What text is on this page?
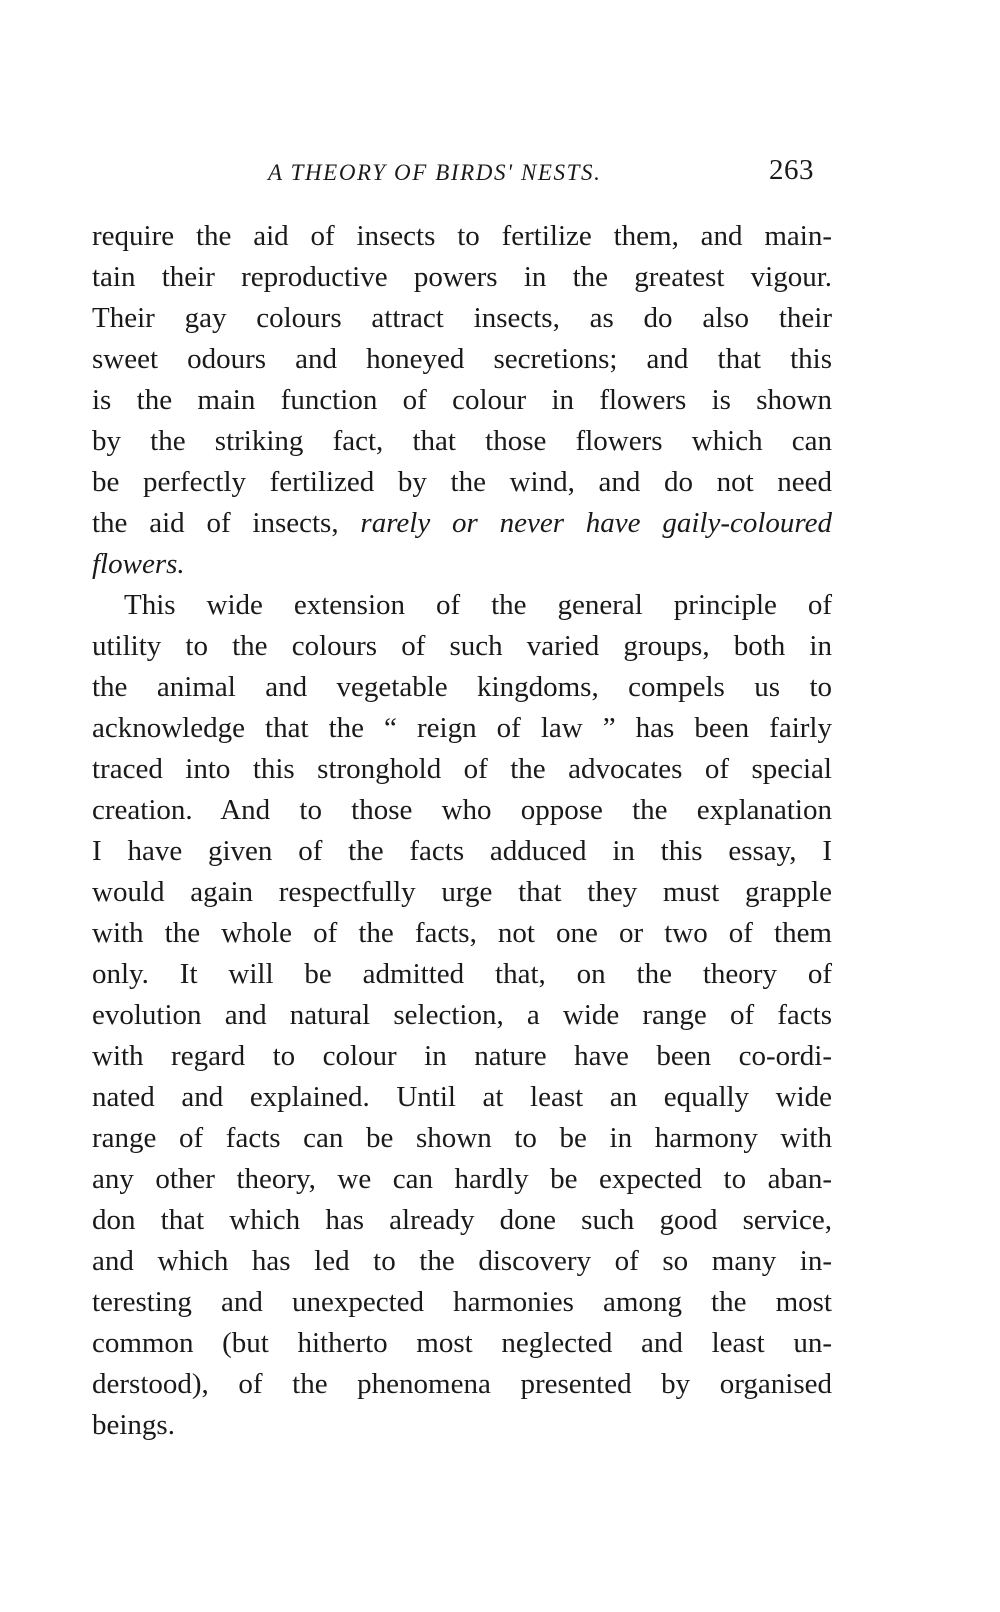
A THEORY OF BIRDS' NESTS.	263
require the aid of insects to fertilize them, and main-
tain their reproductive powers in the greatest vigour.
Their gay colours attract insects, as do also their
sweet odours and honeyed secretions; and that this
is the main function of colour in flowers is shown
by the striking fact, that those flowers which can
be perfectly fertilized by the wind, and do not need
the aid of insects, rarely or never have gaily-coloured
flowers.
This wide extension of the general principle of
utility to the colours of such varied groups, both in
the animal and vegetable kingdoms, compels us to
acknowledge that the “ reign of law ” has been fairly
traced into this stronghold of the advocates of special
creation. And to those who oppose the explanation
I have given of the facts adduced in this essay, I
would again respectfully urge that they must grapple
with the whole of the facts, not one or two of them
only. It will be admitted that, on the theory of
evolution and natural selection, a wide range of facts
with regard to colour in nature have been co-ordi-
nated and explained. Until at least an equally wide
range of facts can be shown to be in harmony with
any other theory, we can hardly be expected to aban-
don that which has already done such good service,
and which has led to the discovery of so many in-
teresting and unexpected harmonies among the most
common (but hitherto most neglected and least un-
derstood), of the phenomena presented by organised
beings.
